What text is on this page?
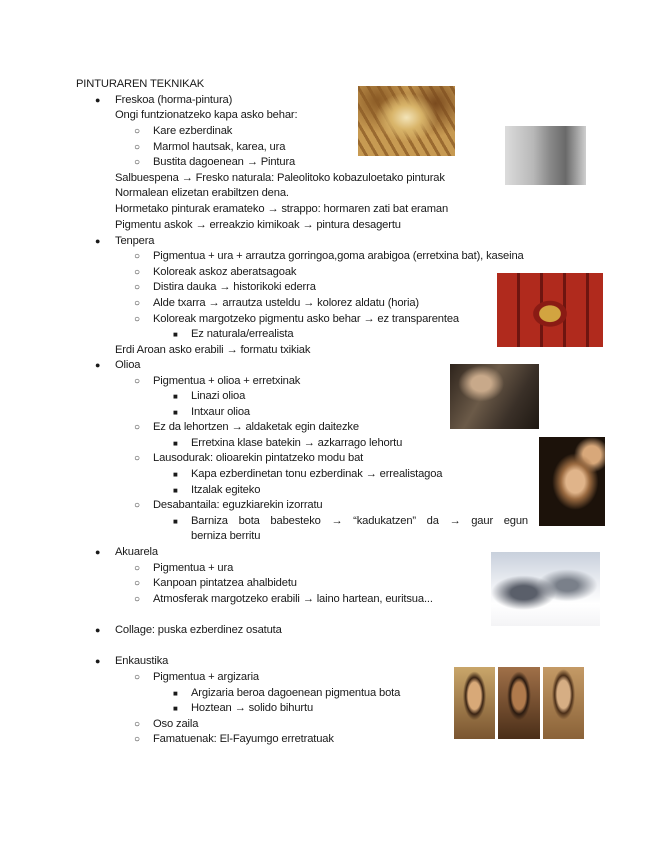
PINTURAREN TEKNIKAK
● Freskoa (horma-pintura)
Ongi funtzionatzeko kapa asko behar:
○ Kare ezberdinak
○ Marmol hautsak, karea, ura
○ Bustita dagoenean → Pintura
Salbuespena → Fresko naturala: Paleolitoko kobazuloetako pinturak
Normalean elizetan erabiltzen dena.
Hormetako pinturak eramateko → strappo: hormaren zati bat eraman
Pigmentu askok → erreakzio kimikoak → pintura desagertu
● Tenpera
○ Pigmentua + ura + arrautza gorringoa,goma arabigoa (erretxina bat), kaseina
○ Koloreak askoz aberatsagoak
○ Distira dauka → historikoki ederra
○ Alde txarra → arrautza usteldu → kolorez aldatu (horia)
○ Koloreak margotzeko pigmentu asko behar → ez transparentea
■ Ez naturala/errealista
Erdi Aroan asko erabili → formatu txikiak
● Olioa
○ Pigmentua + olioa + erretxinak
■ Linazi olioa
■ Intxaur olioa
○ Ez da lehortzen → aldaketak egin daitezke
■ Erretxina klase batekin → azkarrago lehortu
○ Lausodurak: olioarekin pintatzeko modu bat
■ Kapa ezberdinetan tonu ezberdinak → errealistagoa
■ Itzalak egiteko
○ Desabantaila: eguzkiarekin izorratu
■ Barniza bota babesteko → “kadukatzen” da → gaur egun
berniza berritu
● Akuarela
○ Pigmentua + ura
○ Kanpoan pintatzea ahalbidetu
○ Atmosferak margotzeko erabili → laino hartean, euritsua...
● Collage: puska ezberdinez osatuta
● Enkaustika
○ Pigmentua + argizaria
■ Argizaria beroa dagoenean pigmentua bota
■ Hoztean → solido bihurtu
○ Oso zaila
○ Famatuenak: El-Fayumgo erretratuak
